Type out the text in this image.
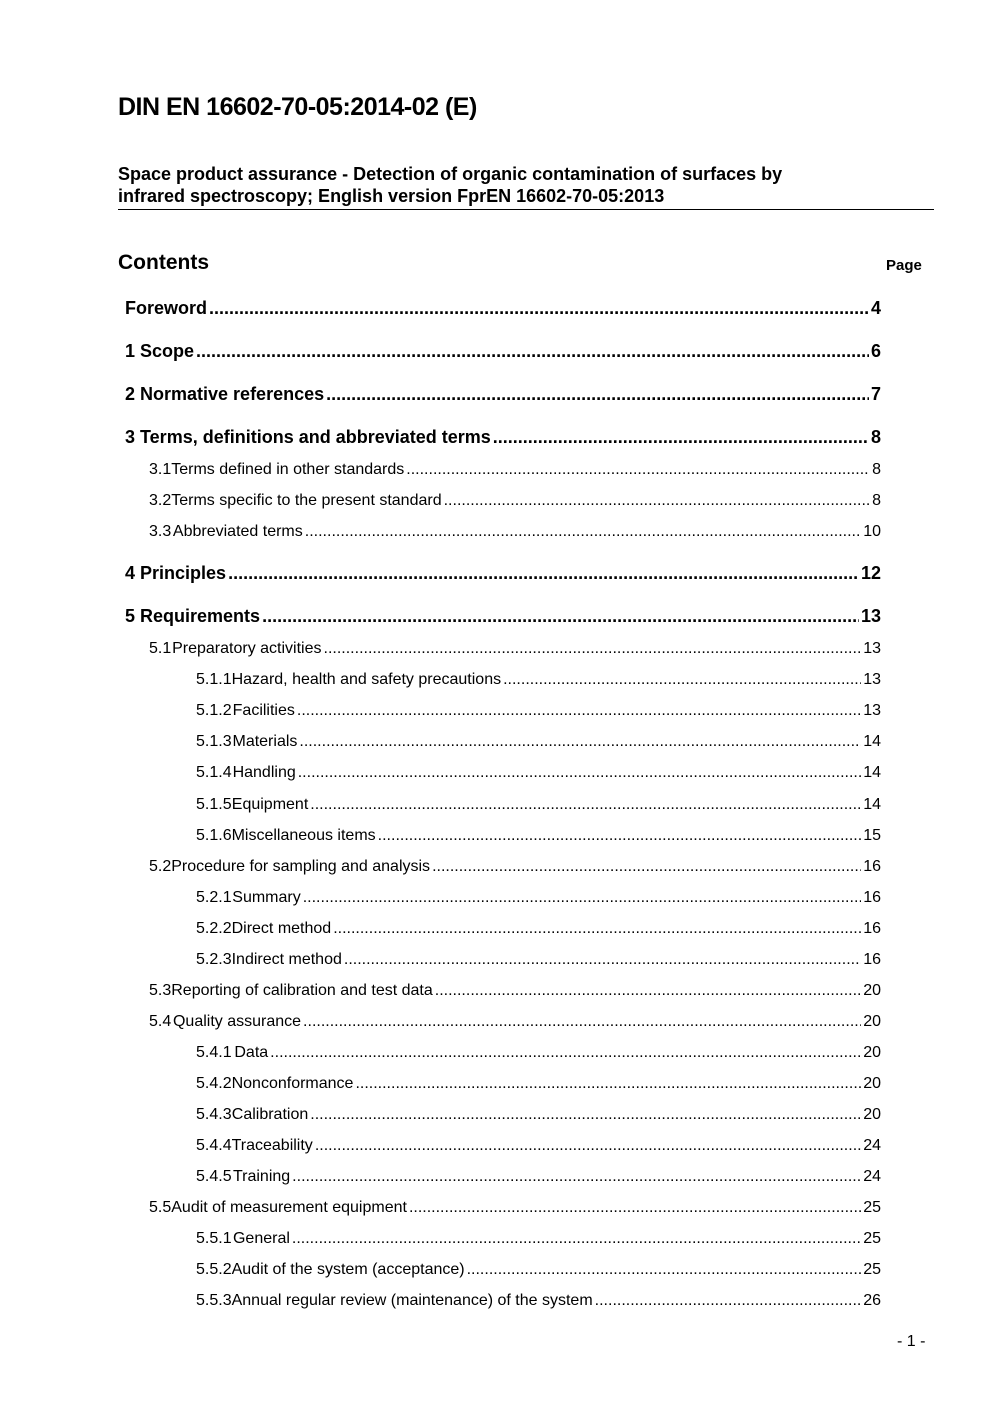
DIN EN 16602-70-05:2014-02 (E)
Space product assurance - Detection of organic contamination of surfaces by
infrared spectroscopy; English version FprEN 16602-70-05:2013
Contents	Page
Foreword .....	4
1 Scope .....	6
2 Normative references .....	7
3 Terms, definitions and abbreviated terms .....	8
3.1 Terms defined in other standards .....	8
3.2 Terms specific to the present standard .....	8
3.3 Abbreviated terms .....	10
4 Principles .....	12
5 Requirements .....	13
5.1 Preparatory activities .....	13
5.1.1 Hazard, health and safety precautions .....	13
5.1.2 Facilities .....	13
5.1.3 Materials .....	14
5.1.4 Handling .....	14
5.1.5 Equipment .....	14
5.1.6 Miscellaneous items .....	15
5.2 Procedure for sampling and analysis .....	16
5.2.1 Summary .....	16
5.2.2 Direct method .....	16
5.2.3 Indirect method .....	16
5.3 Reporting of calibration and test data .....	20
5.4 Quality assurance .....	20
5.4.1 Data .....	20
5.4.2 Nonconformance .....	20
5.4.3 Calibration .....	20
5.4.4 Traceability .....	24
5.4.5 Training .....	24
5.5 Audit of measurement equipment .....	25
5.5.1 General .....	25
5.5.2 Audit of the system (acceptance) .....	25
5.5.3 Annual regular review (maintenance) of the system .....	26
- 1 -
